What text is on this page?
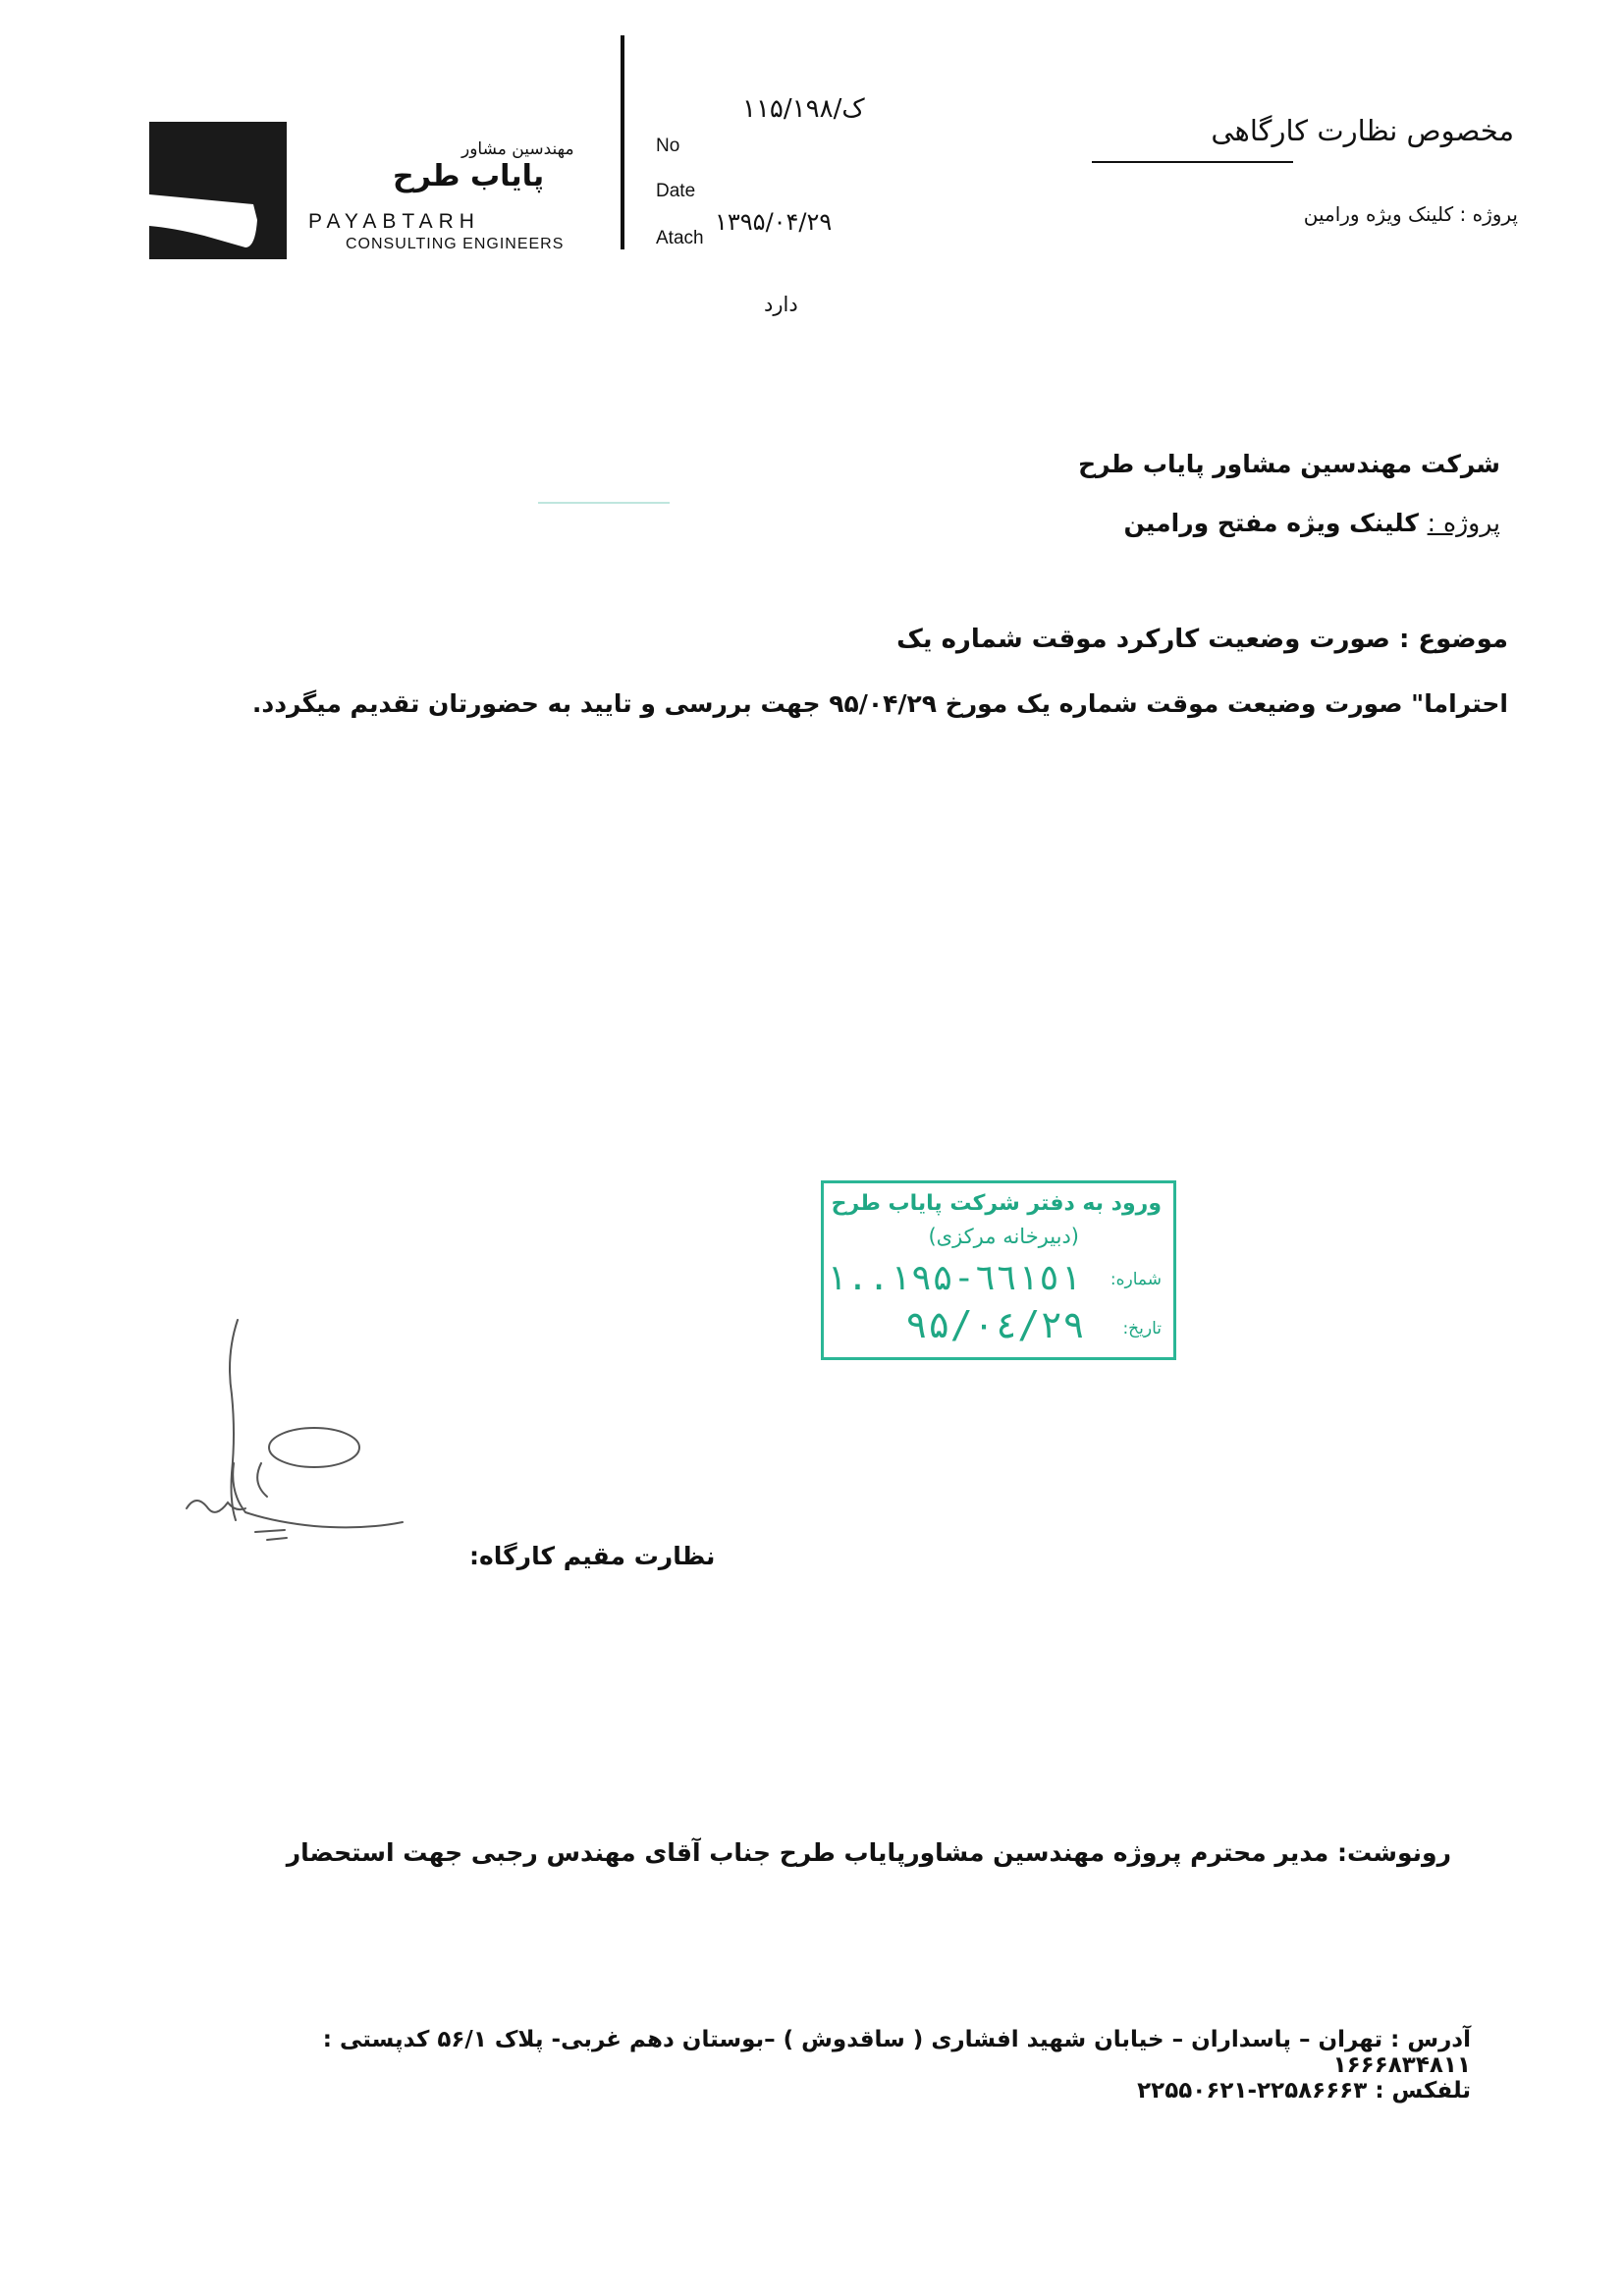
مهندسین مشاور
پایاب طرح
PAYABTARH
CONSULTING ENGINEERS
No
Date
Atach
۱۱۵/ک/۱۹۸
۱۳۹۵/۰۴/۲۹
دارد
مخصوص نظارت کارگاهی
پروژه : کلینک ویژه ورامین
شرکت مهندسین مشاور پایاب طرح
پروژه : کلینک ویژه مفتح ورامین
موضوع : صورت وضعیت کارکرد موقت شماره یک
احتراما" صورت وضیعت موقت شماره یک مورخ ۹۵/۰۴/۲۹ جهت بررسی و تایید به حضورتان تقدیم میگردد.
ورود به دفتر شرکت پایاب طرح
(دبیرخانه مرکزی)
شماره:
۱..۱۹۵-٦٦١٥١
تاریخ:
۹۵/۰٤/۲۹
نظارت مقیم کارگاه:
رونوشت: مدیر محترم پروژه مهندسین مشاورپایاب طرح جناب آقای مهندس رجبی جهت استحضار
آدرس : تهران – پاسداران – خیابان شهید افشاری ( ساقدوش ) –بوستان دهم غربی- پلاک ۵۶/۱ کدپستی : ۱۶۶۶۸۳۴۸۱۱
تلفکس : ۲۲۵۸۶۶۶۳-۲۲۵۵۰۶۲۱
